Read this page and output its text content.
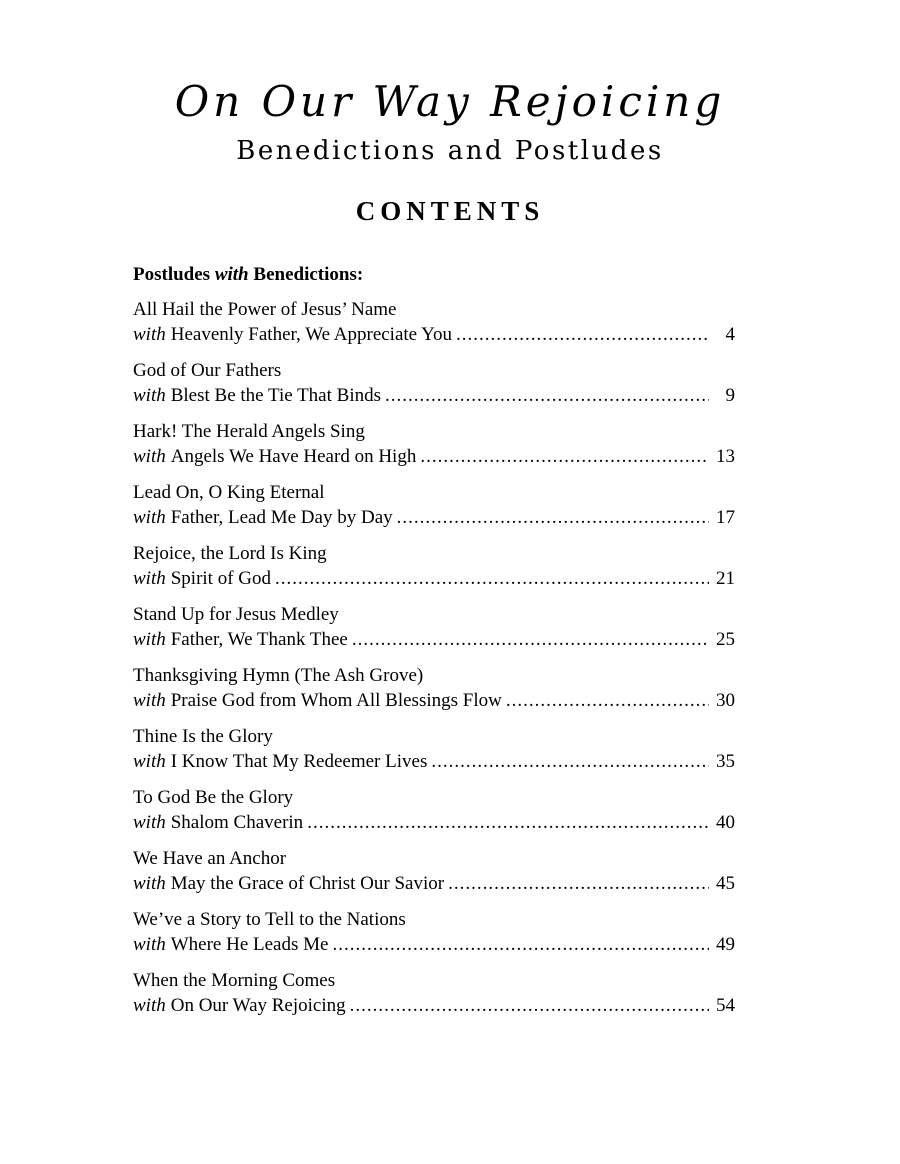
On Our Way Rejoicing
Benedictions and Postludes
CONTENTS
Postludes with Benedictions:
All Hail the Power of Jesus’ Name
with Heavenly Father, We Appreciate You .....	4
God of Our Fathers
with Blest Be the Tie That Binds .....	9
Hark! The Herald Angels Sing
with Angels We Have Heard on High .....	13
Lead On, O King Eternal
with Father, Lead Me Day by Day .....	17
Rejoice, the Lord Is King
with Spirit of God .....	21
Stand Up for Jesus Medley
with Father, We Thank Thee .....	25
Thanksgiving Hymn (The Ash Grove)
with Praise God from Whom All Blessings Flow .....	30
Thine Is the Glory
with I Know That My Redeemer Lives .....	35
To God Be the Glory
with Shalom Chaverin .....	40
We Have an Anchor
with May the Grace of Christ Our Savior .....	45
We’ve a Story to Tell to the Nations
with Where He Leads Me .....	49
When the Morning Comes
with On Our Way Rejoicing .....	54
